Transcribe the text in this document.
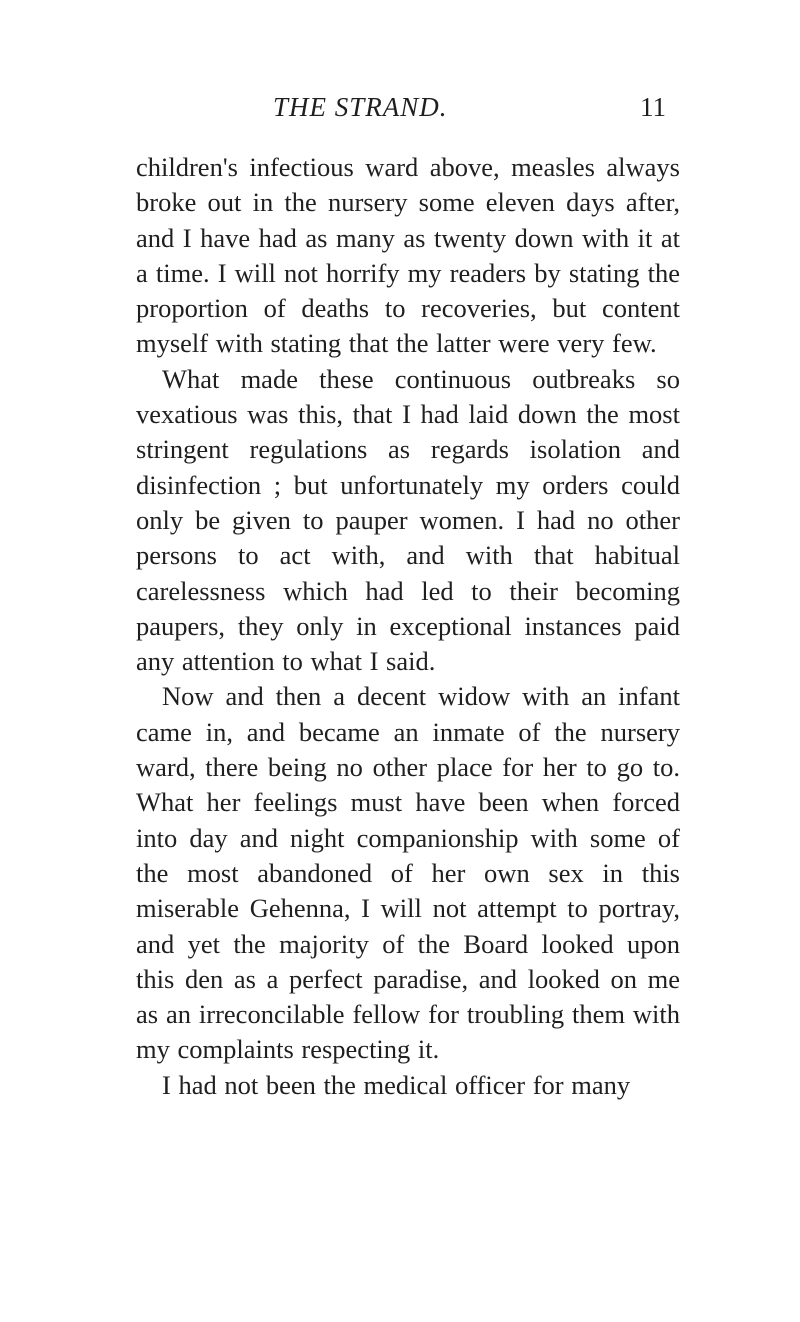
THE STRAND.	11

children's infectious ward above, measles always broke out in the nursery some eleven days after, and I have had as many as twenty down with it at a time. I will not horrify my readers by stating the proportion of deaths to recoveries, but content myself with stating that the latter were very few.

What made these continuous outbreaks so vexatious was this, that I had laid down the most stringent regulations as regards isolation and disinfection ; but unfortunately my orders could only be given to pauper women. I had no other persons to act with, and with that habitual carelessness which had led to their becoming paupers, they only in exceptional instances paid any attention to what I said.

Now and then a decent widow with an infant came in, and became an inmate of the nursery ward, there being no other place for her to go to. What her feelings must have been when forced into day and night companionship with some of the most abandoned of her own sex in this miserable Gehenna, I will not attempt to portray, and yet the majority of the Board looked upon this den as a perfect paradise, and looked on me as an irreconcilable fellow for troubling them with my complaints respecting it.

I had not been the medical officer for many
